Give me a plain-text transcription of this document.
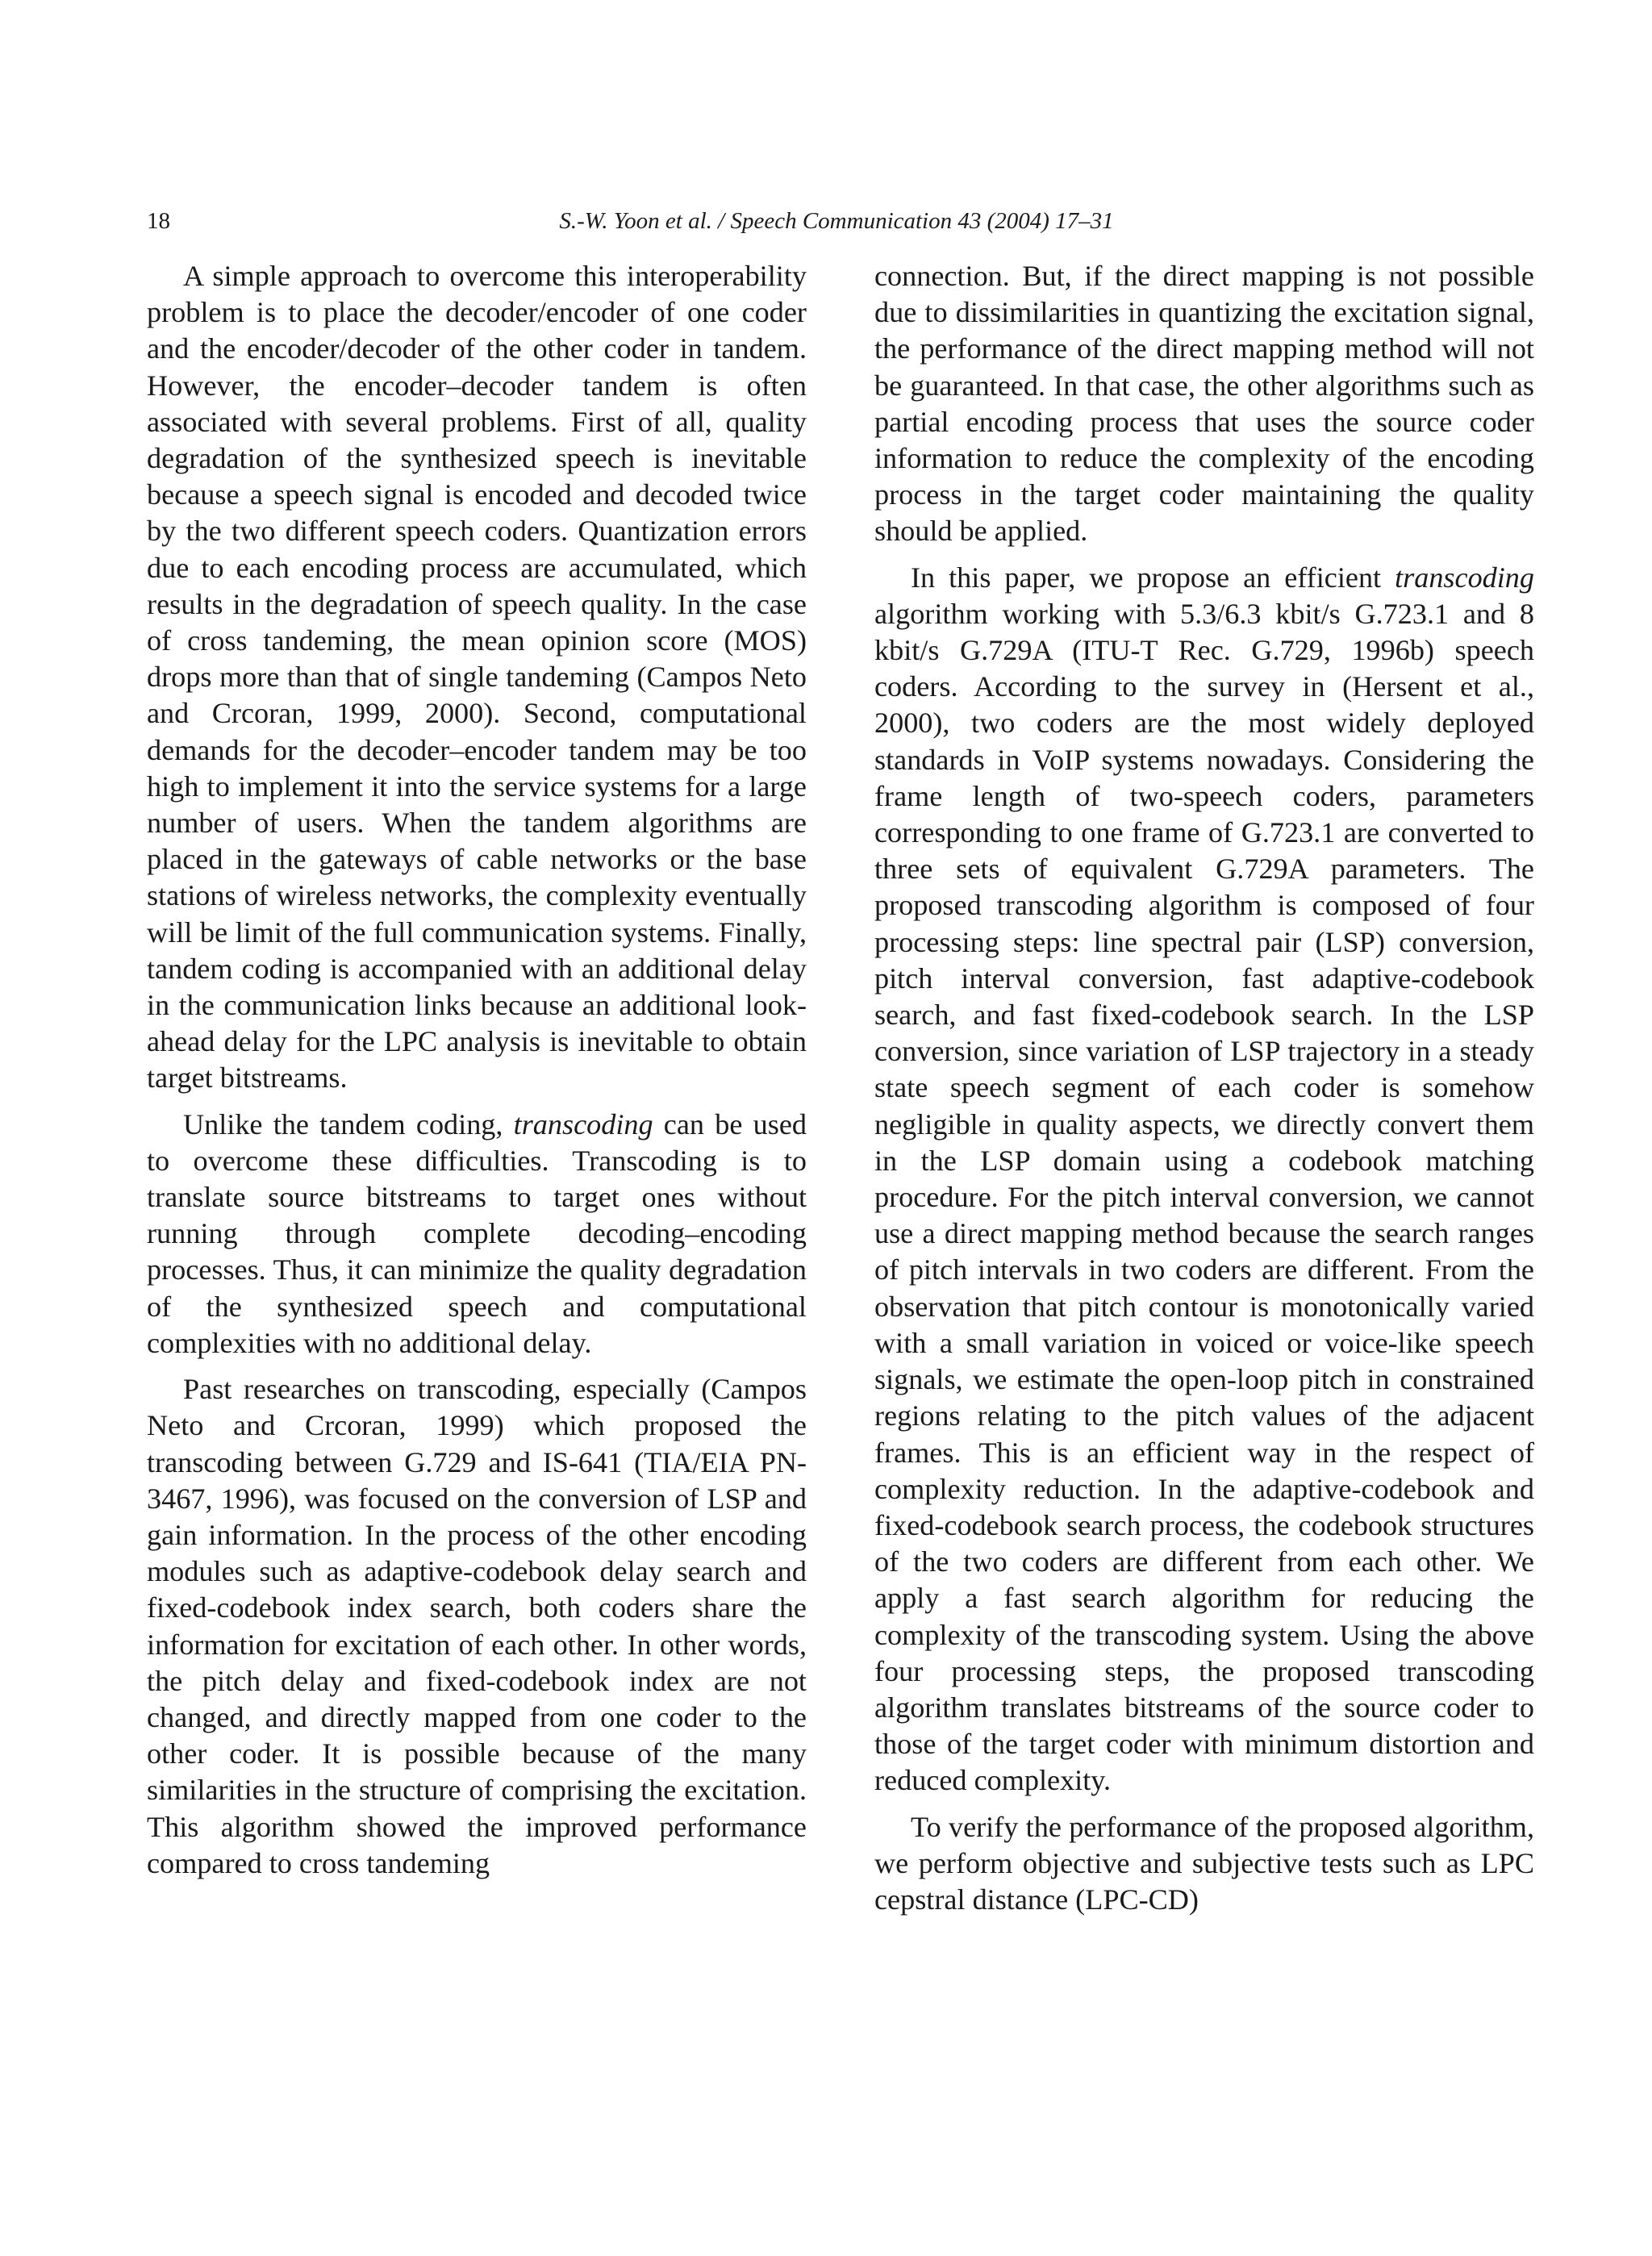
18	S.-W. Yoon et al. / Speech Communication 43 (2004) 17–31

A simple approach to overcome this interoperability problem is to place the decoder/encoder of one coder and the encoder/decoder of the other coder in tandem. However, the encoder–decoder tandem is often associated with several problems. First of all, quality degradation of the synthesized speech is inevitable because a speech signal is encoded and decoded twice by the two different speech coders. Quantization errors due to each encoding process are accumulated, which results in the degradation of speech quality. In the case of cross tandeming, the mean opinion score (MOS) drops more than that of single tandeming (Campos Neto and Crcoran, 1999, 2000). Second, computational demands for the decoder–encoder tandem may be too high to implement it into the service systems for a large number of users. When the tandem algorithms are placed in the gateways of cable networks or the base stations of wireless networks, the complexity eventually will be limit of the full communication systems. Finally, tandem coding is accompanied with an additional delay in the communication links because an additional look-ahead delay for the LPC analysis is inevitable to obtain target bitstreams.

Unlike the tandem coding, transcoding can be used to overcome these difficulties. Transcoding is to translate source bitstreams to target ones without running through complete decoding–encoding processes. Thus, it can minimize the quality degradation of the synthesized speech and computational complexities with no additional delay.

Past researches on transcoding, especially (Campos Neto and Crcoran, 1999) which proposed the transcoding between G.729 and IS-641 (TIA/EIA PN-3467, 1996), was focused on the conversion of LSP and gain information. In the process of the other encoding modules such as adaptive-codebook delay search and fixed-codebook index search, both coders share the information for excitation of each other. In other words, the pitch delay and fixed-codebook index are not changed, and directly mapped from one coder to the other coder. It is possible because of the many similarities in the structure of comprising the excitation. This algorithm showed the improved performance compared to cross tandeming

connection. But, if the direct mapping is not possible due to dissimilarities in quantizing the excitation signal, the performance of the direct mapping method will not be guaranteed. In that case, the other algorithms such as partial encoding process that uses the source coder information to reduce the complexity of the encoding process in the target coder maintaining the quality should be applied.

In this paper, we propose an efficient transcoding algorithm working with 5.3/6.3 kbit/s G.723.1 and 8 kbit/s G.729A (ITU-T Rec. G.729, 1996b) speech coders. According to the survey in (Hersent et al., 2000), two coders are the most widely deployed standards in VoIP systems nowadays. Considering the frame length of two-speech coders, parameters corresponding to one frame of G.723.1 are converted to three sets of equivalent G.729A parameters. The proposed transcoding algorithm is composed of four processing steps: line spectral pair (LSP) conversion, pitch interval conversion, fast adaptive-codebook search, and fast fixed-codebook search. In the LSP conversion, since variation of LSP trajectory in a steady state speech segment of each coder is somehow negligible in quality aspects, we directly convert them in the LSP domain using a codebook matching procedure. For the pitch interval conversion, we cannot use a direct mapping method because the search ranges of pitch intervals in two coders are different. From the observation that pitch contour is monotonically varied with a small variation in voiced or voice-like speech signals, we estimate the open-loop pitch in constrained regions relating to the pitch values of the adjacent frames. This is an efficient way in the respect of complexity reduction. In the adaptive-codebook and fixed-codebook search process, the codebook structures of the two coders are different from each other. We apply a fast search algorithm for reducing the complexity of the transcoding system. Using the above four processing steps, the proposed transcoding algorithm translates bitstreams of the source coder to those of the target coder with minimum distortion and reduced complexity.

To verify the performance of the proposed algorithm, we perform objective and subjective tests such as LPC cepstral distance (LPC-CD)
